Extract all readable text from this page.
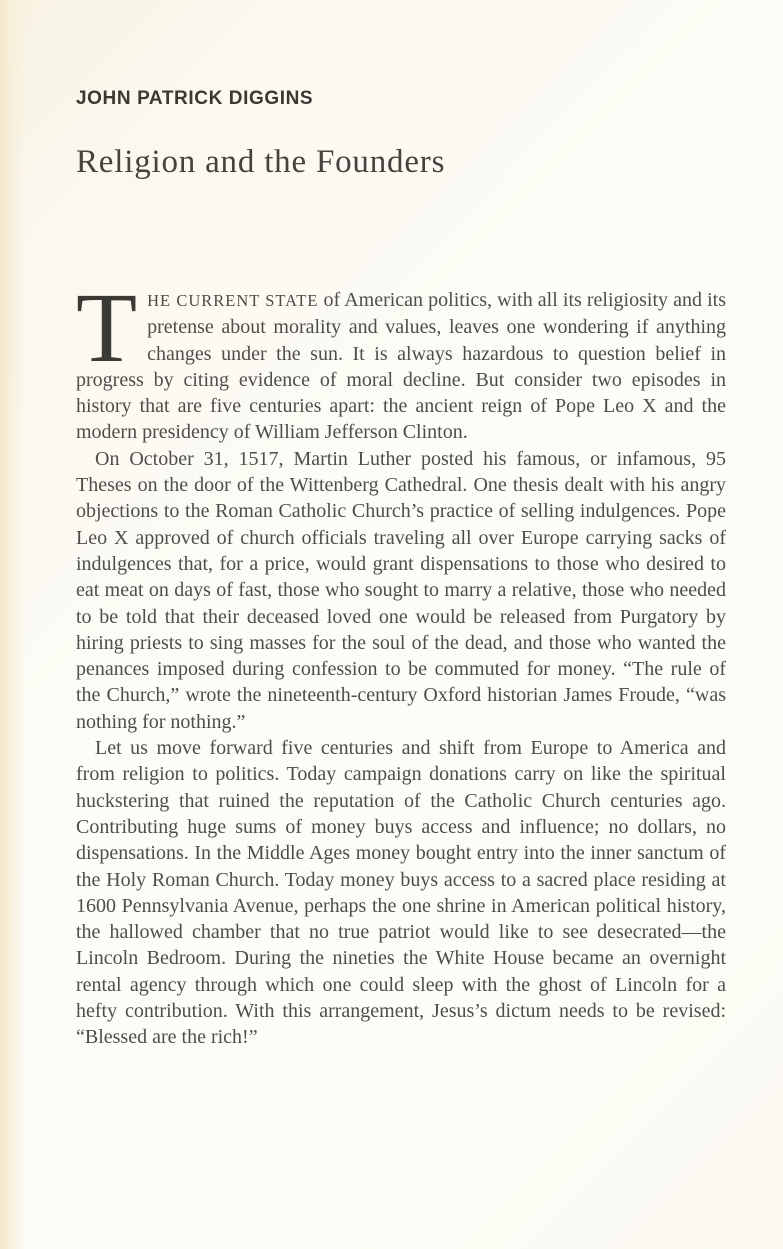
JOHN PATRICK DIGGINS
Religion and the Founders

THE CURRENT STATE of American politics, with all its religiosity and its pretense about morality and values, leaves one wondering if anything changes under the sun. It is always hazardous to question belief in progress by citing evidence of moral decline. But consider two episodes in history that are five centuries apart: the ancient reign of Pope Leo X and the modern presidency of William Jefferson Clinton.

On October 31, 1517, Martin Luther posted his famous, or infamous, 95 Theses on the door of the Wittenberg Cathedral. One thesis dealt with his angry objections to the Roman Catholic Church’s practice of selling indulgences. Pope Leo X approved of church officials traveling all over Europe carrying sacks of indulgences that, for a price, would grant dispensations to those who desired to eat meat on days of fast, those who sought to marry a relative, those who needed to be told that their deceased loved one would be released from Purgatory by hiring priests to sing masses for the soul of the dead, and those who wanted the penances imposed during confession to be commuted for money. “The rule of the Church,” wrote the nineteenth-century Oxford historian James Froude, “was nothing for nothing.”

Let us move forward five centuries and shift from Europe to America and from religion to politics. Today campaign donations carry on like the spiritual huckstering that ruined the reputation of the Catholic Church centuries ago. Contributing huge sums of money buys access and influence; no dollars, no dispensations. In the Middle Ages money bought entry into the inner sanctum of the Holy Roman Church. Today money buys access to a sacred place residing at 1600 Pennsylvania Avenue, perhaps the one shrine in American political history, the hallowed chamber that no true patriot would like to see desecrated—the Lincoln Bedroom. During the nineties the White House became an overnight rental agency through which one could sleep with the ghost of Lincoln for a hefty contribution. With this arrangement, Jesus’s dictum needs to be revised: “Blessed are the rich!”
